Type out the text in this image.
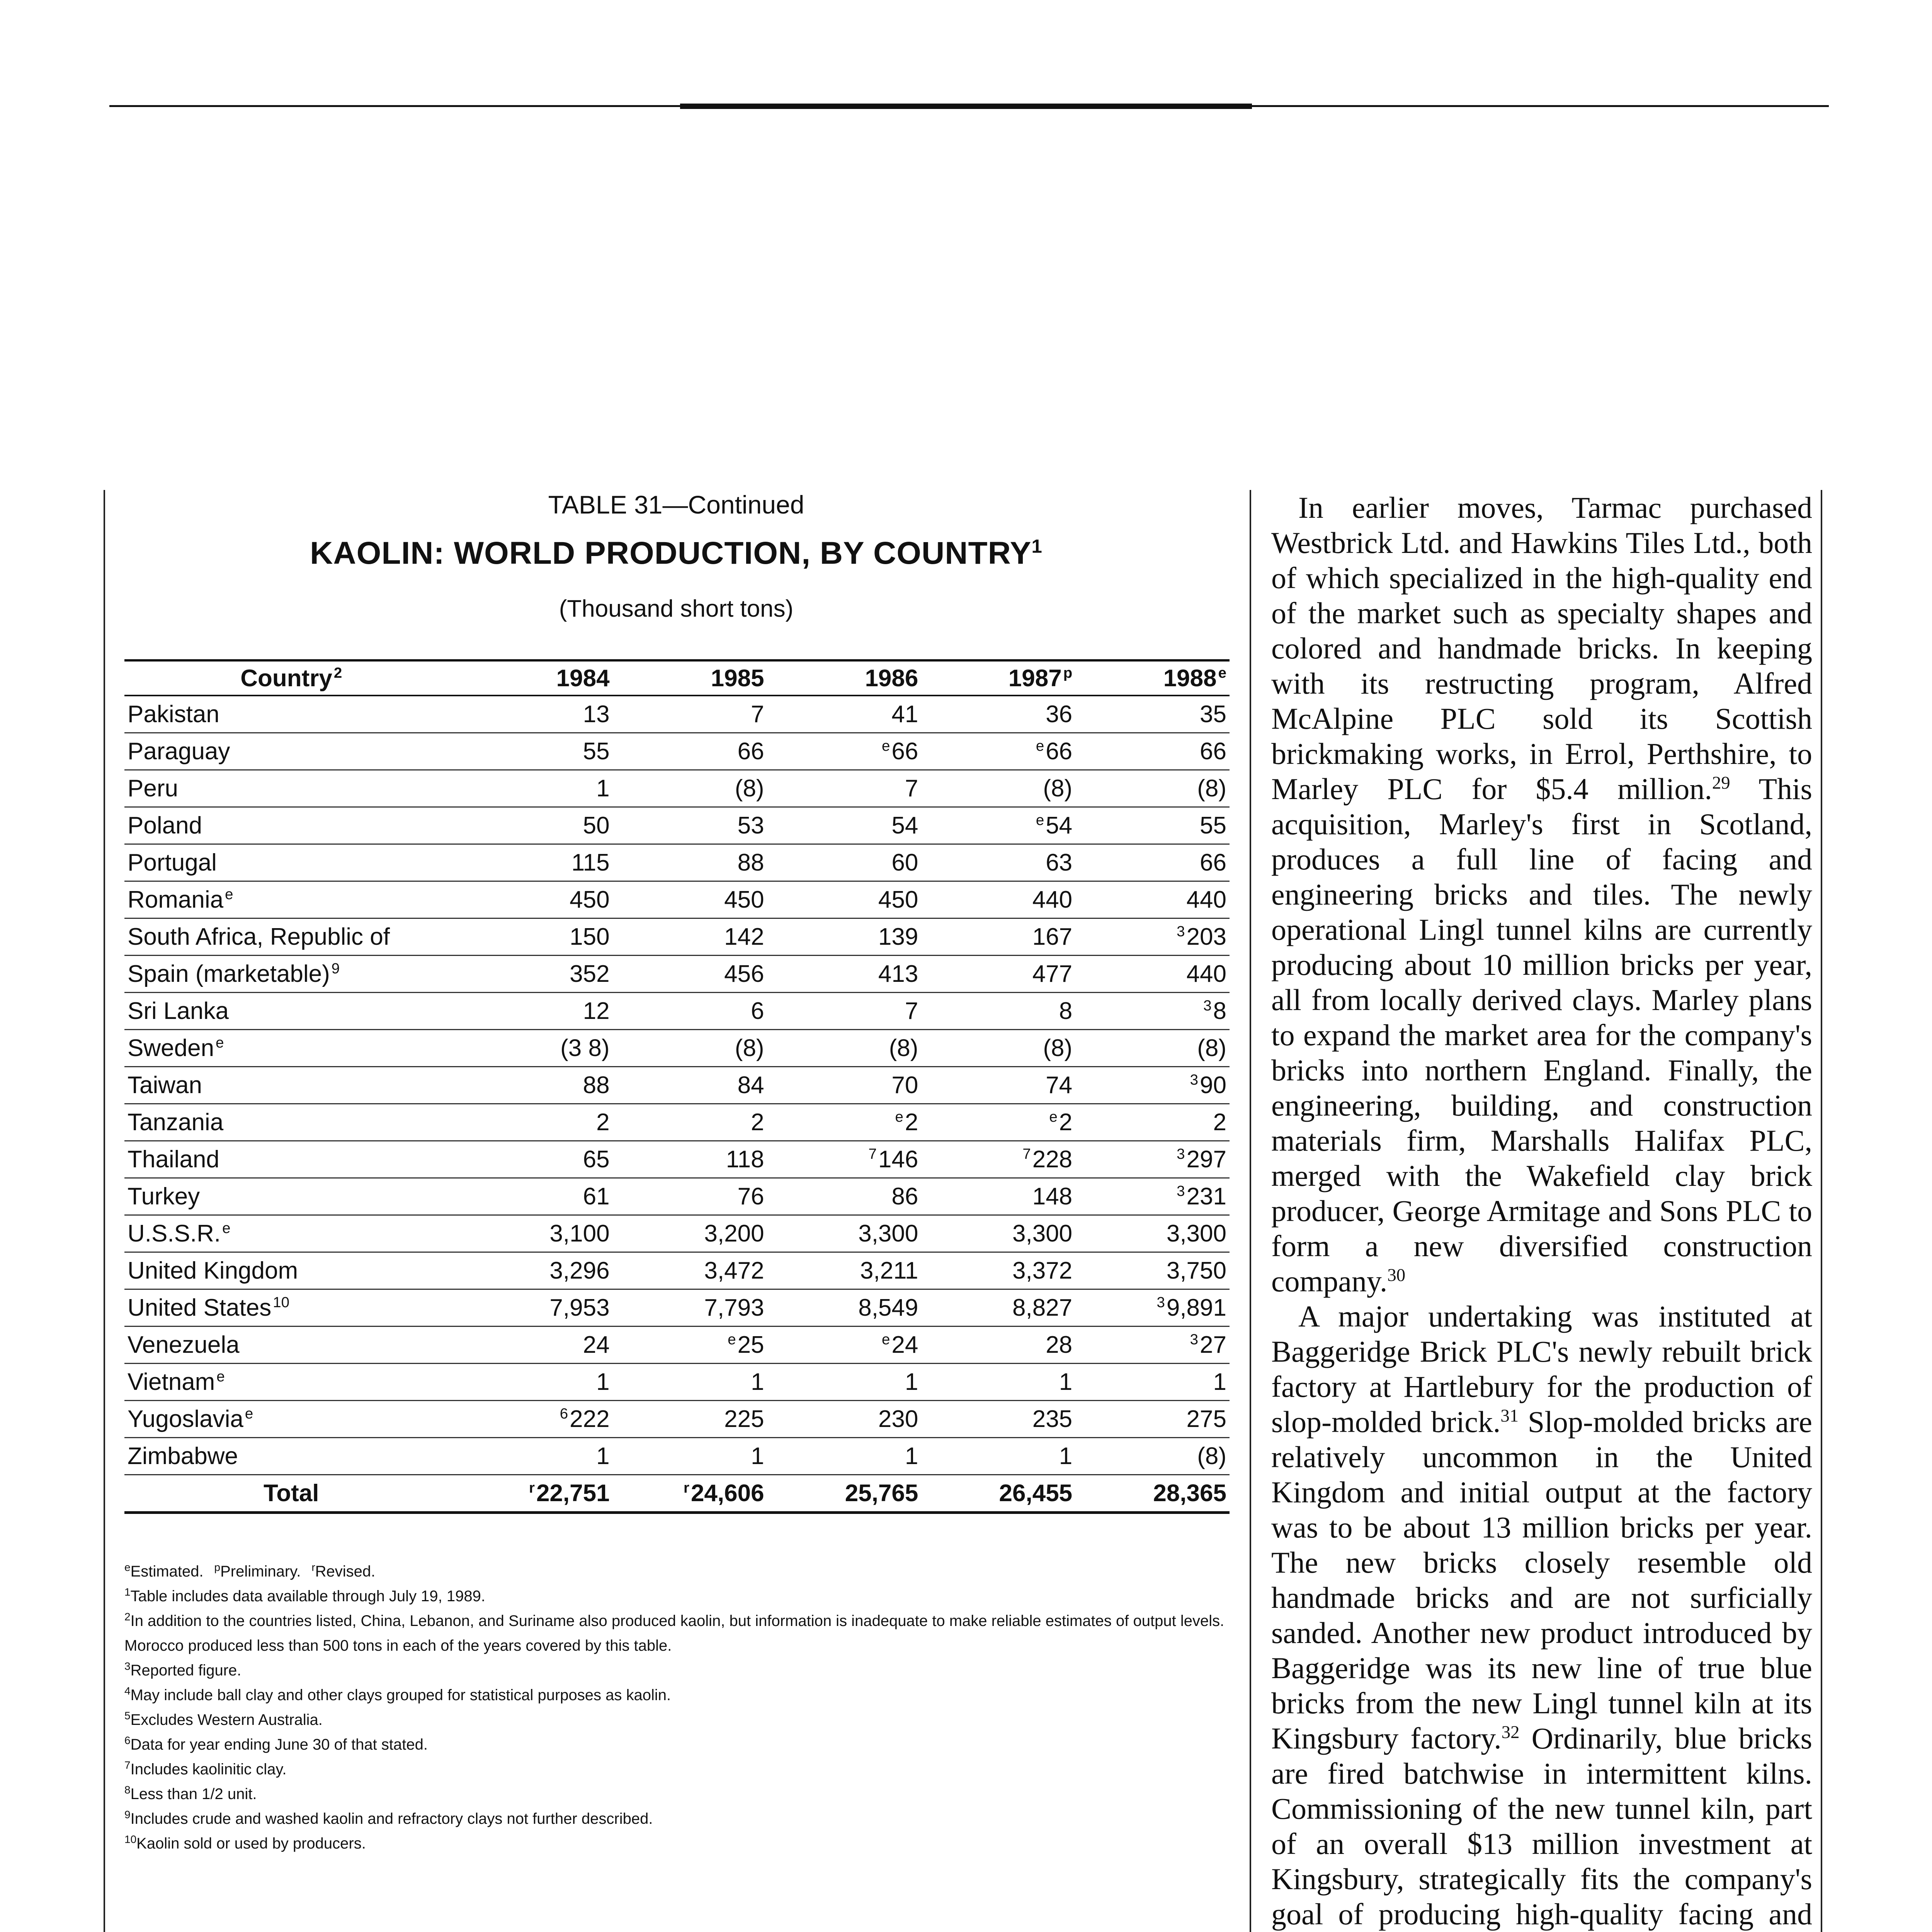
TABLE 31—Continued
KAOLIN: WORLD PRODUCTION, BY COUNTRY$^1$
(Thousand short tons)
Country $^2$	1984	1985	1986	1987 $^p$	1988 $^e$
Pakistan	13	7	41	36	35
Paraguay	55	66	$^e$66	$^e$66	66
Peru	1	(8)	7	(8)	(8)
Poland	50	53	54	$^e$54	55
Portugal	115	88	60	63	66
Romania $^e$	450	450	450	440	440
South Africa, Republic of	150	142	139	167	$^3$203
Spain (marketable) $^9$	352	456	413	477	440
Sri Lanka	12	6	7	8	$^3$8
Sweden $^e$	(3 8)	(8)	(8)	(8)	(8)
Taiwan	88	84	70	74	$^3$90
Tanzania	2	2	$^e$2	$^e$2	2
Thailand	65	118	$^7$146	$^7$228	$^3$297
Turkey	61	76	86	148	$^3$231
U.S.S.R. $^e$	3,100	3,200	3,300	3,300	3,300
United Kingdom	3,296	3,472	3,211	3,372	3,750
United States $^{10}$	7,953	7,793	8,549	8,827	$^3$9,891
Venezuela	24	$^e$25	$^e$24	28	$^3$27
Vietnam $^e$	1	1	1	1	1
Yugoslavia $^e$	$^6$222	225	230	235	275
Zimbabwe	1	1	1	1	(8)
Total	$^r$22,751	$^r$24,606	25,765	26,455	28,365
$^e$Estimated. $^p$Preliminary. $^r$Revised.
$^1$Table includes data available through July 19, 1989.
$^2$In addition to the countries listed, China, Lebanon, and Suriname also produced kaolin, but information is inadequate to make reliable estimates of output levels. Morocco produced less than 500 tons in each of the years covered by this table.
$^3$Reported figure.
$^4$May include ball clay and other clays grouped for statistical purposes as kaolin.
$^5$Excludes Western Australia.
$^6$Data for year ending June 30 of that stated.
$^7$Includes kaolinitic clay.
$^8$Less than 1/2 unit.
$^9$Includes crude and washed kaolin and refractory clays not further described.
$^{10}$Kaolin sold or used by producers.

In earlier moves, Tarmac purchased Westbrick Ltd. and Hawkins Tiles Ltd., both of which specialized in the high-quality end of the market such as specialty shapes and colored and handmade bricks. In keeping with its restructing program, Alfred McAlpine PLC sold its Scottish brickmaking works, in Errol, Perthshire, to Marley PLC for $5.4 million.$^{29}$ This acquisition, Marley's first in Scotland, produces a full line of facing and engineering bricks and tiles. The newly operational Lingl tunnel kilns are currently producing about 10 million bricks per year, all from locally derived clays. Marley plans to expand the market area for the company's bricks into northern England. Finally, the engineering, building, and construction materials firm, Marshalls Halifax PLC, merged with the Wakefield clay brick producer, George Armitage and Sons PLC to form a new diversified construction company.$^{30}$

A major undertaking was instituted at Baggeridge Brick PLC's newly rebuilt brick factory at Hartlebury for the production of slop-molded brick.$^{31}$ Slop-molded bricks are relatively uncommon in the United Kingdom and initial output at the factory was to be about 13 million bricks per year. The new bricks closely resemble old handmade bricks and are not surficially sanded. Another new product introduced by Baggeridge was its new line of true blue bricks from the new Lingl tunnel kiln at its Kingsbury factory.$^{32}$ Ordinarily, blue bricks are fired batchwise in intermittent kilns. Commissioning of the new tunnel kiln, part of an overall $13 million investment at Kingsbury, strategically fits the company's goal of producing high-quality facing and
